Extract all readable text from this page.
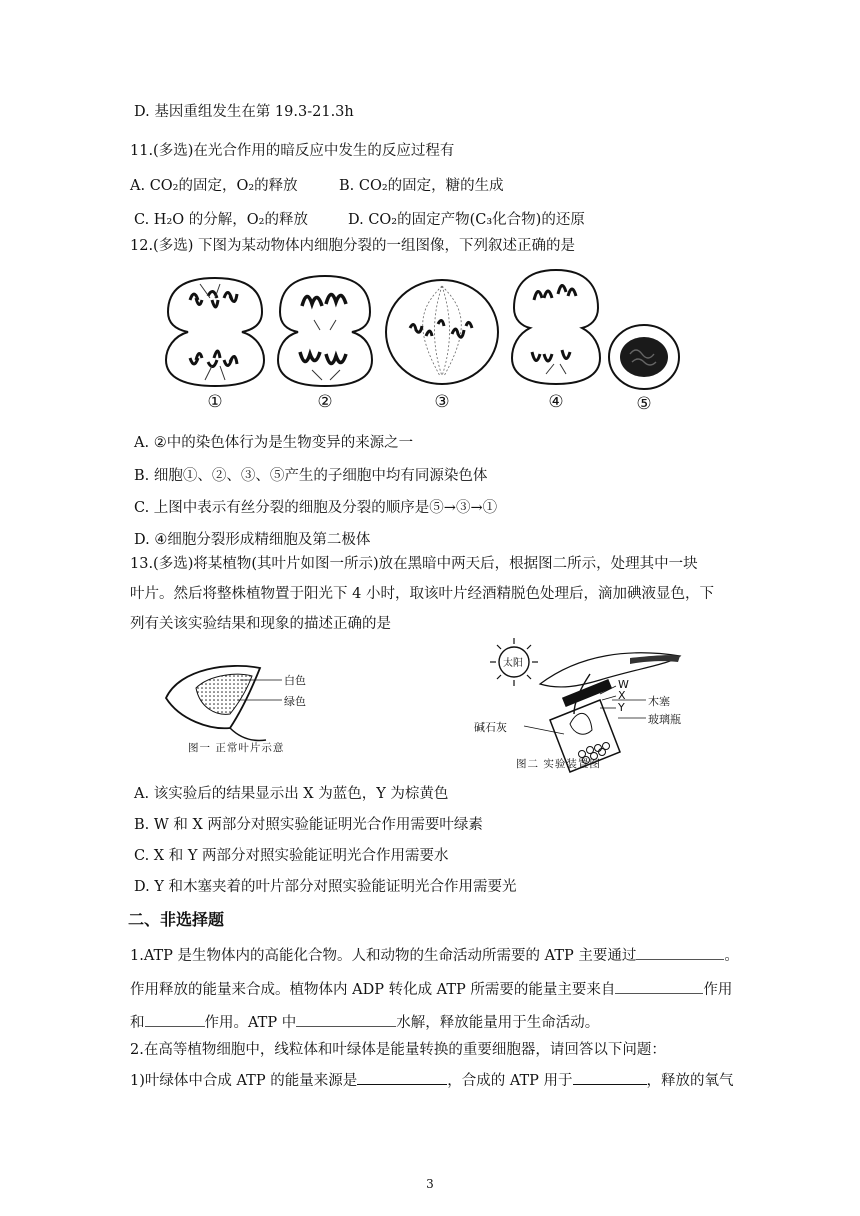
D. 基因重组发生在第 19.3-21.3h
11.(多选)在光合作用的暗反应中发生的反应过程有
A. CO₂的固定，O₂的释放	B. CO₂的固定，糖的生成
C. H₂O 的分解，O₂的释放	D. CO₂的固定产物(C₃化合物)的还原
12.(多选) 下图为某动物体内细胞分裂的一组图像，下列叙述正确的是
①	②	③	④	⑤
A. ②中的染色体行为是生物变异的来源之一
B. 细胞①、②、③、⑤产生的子细胞中均有同源染色体
C. 上图中表示有丝分裂的细胞及分裂的顺序是⑤→③→①
D. ④细胞分裂形成精细胞及第二极体
13.(多选)将某植物(其叶片如图一所示)放在黑暗中两天后，根据图二所示，处理其中一块
叶片。然后将整株植物置于阳光下 4 小时，取该叶片经酒精脱色处理后，滴加碘液显色，下
列有关该实验结果和现象的描述正确的是
白色
绿色
图一 正常叶片示意
太阳
W
X
Y 木塞
玻璃瓶
碱石灰
图二 实验装置图
A. 该实验后的结果显示出 X 为蓝色，Y 为棕黄色
B. W 和 X 两部分对照实验能证明光合作用需要叶绿素
C. X 和 Y 两部分对照实验能证明光合作用需要水
D. Y 和木塞夹着的叶片部分对照实验能证明光合作用需要光
二、非选择题
1.ATP 是生物体内的高能化合物。人和动物的生命活动所需要的 ATP 主要通过	。
作用释放的能量来合成。植物体内 ADP 转化成 ATP 所需要的能量主要来自	作用
和	作用。ATP 中	水解，释放能量用于生命活动。
2.在高等植物细胞中，线粒体和叶绿体是能量转换的重要细胞器，请回答以下问题：
1)叶绿体中合成 ATP 的能量来源是	，合成的 ATP 用于	，释放的氧气
3
